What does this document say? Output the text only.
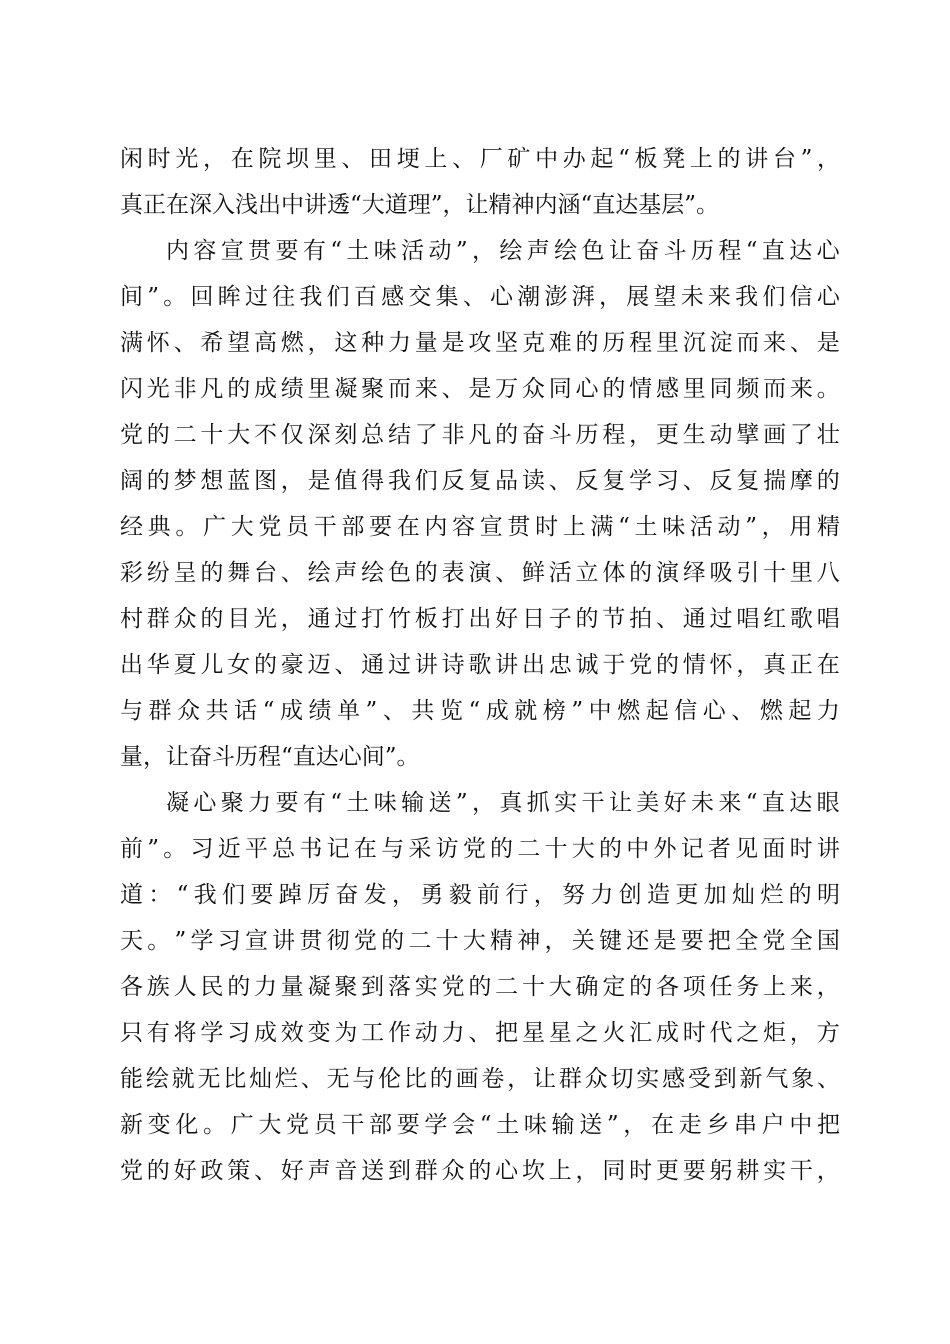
闲 时 光 ， 在 院 坝 里 、 田 埂 上 、 厂 矿 中 办 起 “ 板 凳 上 的 讲 台 ” ，
真正在深入浅出中讲透“大道理”，让精神内涵“直达基层”。
内 容 宣 贯 要 有 “ 土 味 活 动 ” ， 绘 声 绘 色 让 奋 斗 历 程 “ 直 达 心
间 ” 。 回 眸 过 往 我 们 百 感 交 集 、 心 潮 澎 湃 ， 展 望 未 来 我 们 信 心
满 怀 、 希 望 高 燃 ， 这 种 力 量 是 攻 坚 克 难 的 历 程 里 沉 淀 而 来 、 是
闪 光 非 凡 的 成 绩 里 凝 聚 而 来 、 是 万 众 同 心 的 情 感 里 同 频 而 来 。
党 的 二 十 大 不 仅 深 刻 总 结 了 非 凡 的 奋 斗 历 程 ， 更 生 动 擘 画 了 壮
阔 的 梦 想 蓝 图 ， 是 值 得 我 们 反 复 品 读 、 反 复 学 习 、 反 复 揣 摩 的
经 典 。 广 大 党 员 干 部 要 在 内 容 宣 贯 时 上 满 “ 土 味 活 动 ” ， 用 精
彩 纷 呈 的 舞 台 、 绘 声 绘 色 的 表 演 、 鲜 活 立 体 的 演 绎 吸 引 十 里 八
村 群 众 的 目 光 ， 通 过 打 竹 板 打 出 好 日 子 的 节 拍 、 通 过 唱 红 歌 唱
出 华 夏 儿 女 的 豪 迈 、 通 过 讲 诗 歌 讲 出 忠 诚 于 党 的 情 怀 ， 真 正 在
与 群 众 共 话 “ 成 绩 单 ” 、 共 览 “ 成 就 榜 ” 中 燃 起 信 心 、 燃 起 力
量，让奋斗历程“直达心间”。
凝 心 聚 力 要 有 “ 土 味 输 送 ” ， 真 抓 实 干 让 美 好 未 来 “ 直 达 眼
前 ” 。 习 近 平 总 书 记 在 与 采 访 党 的 二 十 大 的 中 外 记 者 见 面 时 讲
道 ： “ 我 们 要 踔 厉 奋 发 ， 勇 毅 前 行 ， 努 力 创 造 更 加 灿 烂 的 明
天 。 ” 学 习 宣 讲 贯 彻 党 的 二 十 大 精 神 ， 关 键 还 是 要 把 全 党 全 国
各 族 人 民 的 力 量 凝 聚 到 落 实 党 的 二 十 大 确 定 的 各 项 任 务 上 来 ，
只 有 将 学 习 成 效 变 为 工 作 动 力 、 把 星 星 之 火 汇 成 时 代 之 炬 ， 方
能 绘 就 无 比 灿 烂 、 无 与 伦 比 的 画 卷 ， 让 群 众 切 实 感 受 到 新 气 象 、
新 变 化 。 广 大 党 员 干 部 要 学 会 “ 土 味 输 送 ” ， 在 走 乡 串 户 中 把
党 的 好 政 策 、 好 声 音 送 到 群 众 的 心 坎 上 ， 同 时 更 要 躬 耕 实 干 ，
